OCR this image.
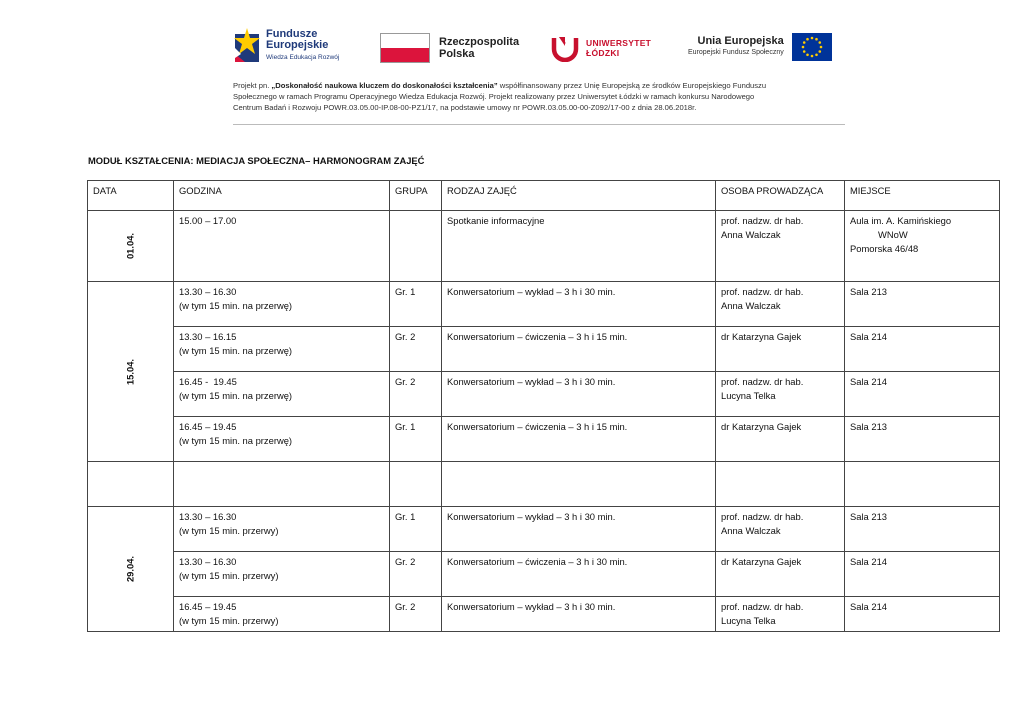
Fundusze
Europejskie
Wiedza Edukacja Rozwój
Rzeczpospolita
Polska
UNIWERSYTET
ŁÓDZKI
Unia Europejska
Europejski Fundusz Społeczny
Projekt pn. „Doskonałość naukowa kluczem do doskonałości kształcenia” współfinansowany przez Unię Europejską ze środków Europejskiego Funduszu
Społecznego w ramach Programu Operacyjnego Wiedza Edukacja Rozwój. Projekt realizowany przez Uniwersytet Łódzki w ramach konkursu Narodowego
Centrum Badań i Rozwoju POWR.03.05.00-IP.08-00-PZ1/17, na podstawie umowy nr POWR.03.05.00-00-Z092/17-00 z dnia 28.06.2018r.
MODUŁ KSZTAŁCENIA: MEDIACJA SPOŁECZNA– HARMONOGRAM ZAJĘĆ
DATA	GODZINA	GRUPA	RODZAJ ZAJĘĆ	OSOBA PROWADZĄCA	MIEJSCE

01.04.	15.00 – 17.00		Spotkanie informacyjne	prof. nadzw. dr hab.
Anna Walczak	Aula im. A. Kamińskiego
WNoW
Pomorska 46/48

15.04.	13.30 – 16.30
(w tym 15 min. na przerwę)	Gr. 1	Konwersatorium – wykład – 3 h i 30 min.	prof. nadzw. dr hab.
Anna Walczak	Sala 213

	13.30 – 16.15
(w tym 15 min. na przerwę)	Gr. 2	Konwersatorium – ćwiczenia – 3 h i 15 min.	dr Katarzyna Gajek	Sala 214

	16.45 -  19.45
(w tym 15 min. na przerwę)	Gr. 2	Konwersatorium – wykład – 3 h i 30 min.	prof. nadzw. dr hab.
Lucyna Telka	Sala 214

	16.45 – 19.45
(w tym 15 min. na przerwę)	Gr. 1	Konwersatorium – ćwiczenia – 3 h i 15 min.	dr Katarzyna Gajek	Sala 213

29.04.	13.30 – 16.30
(w tym 15 min. przerwy)	Gr. 1	Konwersatorium – wykład – 3 h i 30 min.	prof. nadzw. dr hab.
Anna Walczak	Sala 213

	13.30 – 16.30
(w tym 15 min. przerwy)	Gr. 2	Konwersatorium – ćwiczenia – 3 h i 30 min.	dr Katarzyna Gajek	Sala 214

	16.45 – 19.45
(w tym 15 min. przerwy)	Gr. 2	Konwersatorium – wykład – 3 h i 30 min.	prof. nadzw. dr hab.
Lucyna Telka	Sala 214
